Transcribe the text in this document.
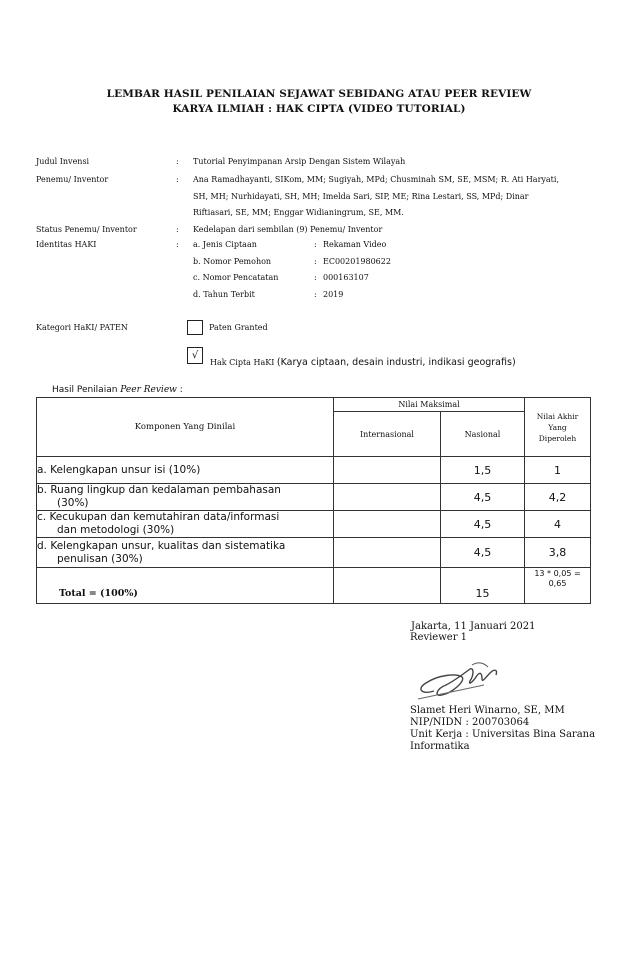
LEMBAR HASIL PENILAIAN SEJAWAT SEBIDANG ATAU PEER REVIEW
KARYA ILMIAH : HAK CIPTA (VIDEO TUTORIAL)
Judul Invensi	: Tutorial Penyimpanan Arsip Dengan Sistem Wilayah
Penemu/ Inventor	: Ana Ramadhayanti, SIKom, MM; Sugiyah, MPd; Chusminah SM, SE, MSM; R. Ati Haryati,
SH, MH; Nurhidayati, SH, MH; Imelda Sari, SIP, ME; Rina Lestari, SS, MPd; Dinar
Riftiasari, SE, MM; Enggar Widianingrum, SE, MM.
Status Penemu/ Inventor	: Kedelapan dari sembilan (9) Penemu/ Inventor
Identitas HAKI	: a. Jenis Ciptaan	: Rekaman Video
b. Nomor Pemohon	: EC00201980622
c. Nomor Pencatatan	: 000163107
d. Tahun Terbit	: 2019
Kategori HaKI/ PATEN	Paten Granted
√
Hak Cipta HaKI (Karya ciptaan, desain industri, indikasi geografis)
Hasil Penilaian Peer Review :
Komponen Yang Dinilai	Nilai Maksimal		Nilai Akhir
Yang
Diperoleh

	Internasional	Nasional	

a. Kelengkapan unsur isi (10%)		1,5	1

b. Ruang lingkup dan kedalaman pembahasan
(30%)		4,5	4,2

c. Kecukupan dan kemutahiran data/informasi
dan metodologi (30%)		4,5	4

d. Kelengkapan unsur, kualitas dan sistematika
penulisan (30%)		4,5	3,8
Total = (100%)		15	13 * 0,05 =
0,65
Jakarta, 11 Januari 2021
Reviewer 1
Slamet Heri Winarno, SE, MM
NIP/NIDN : 200703064
Unit Kerja : Universitas Bina Sarana
Informatika
